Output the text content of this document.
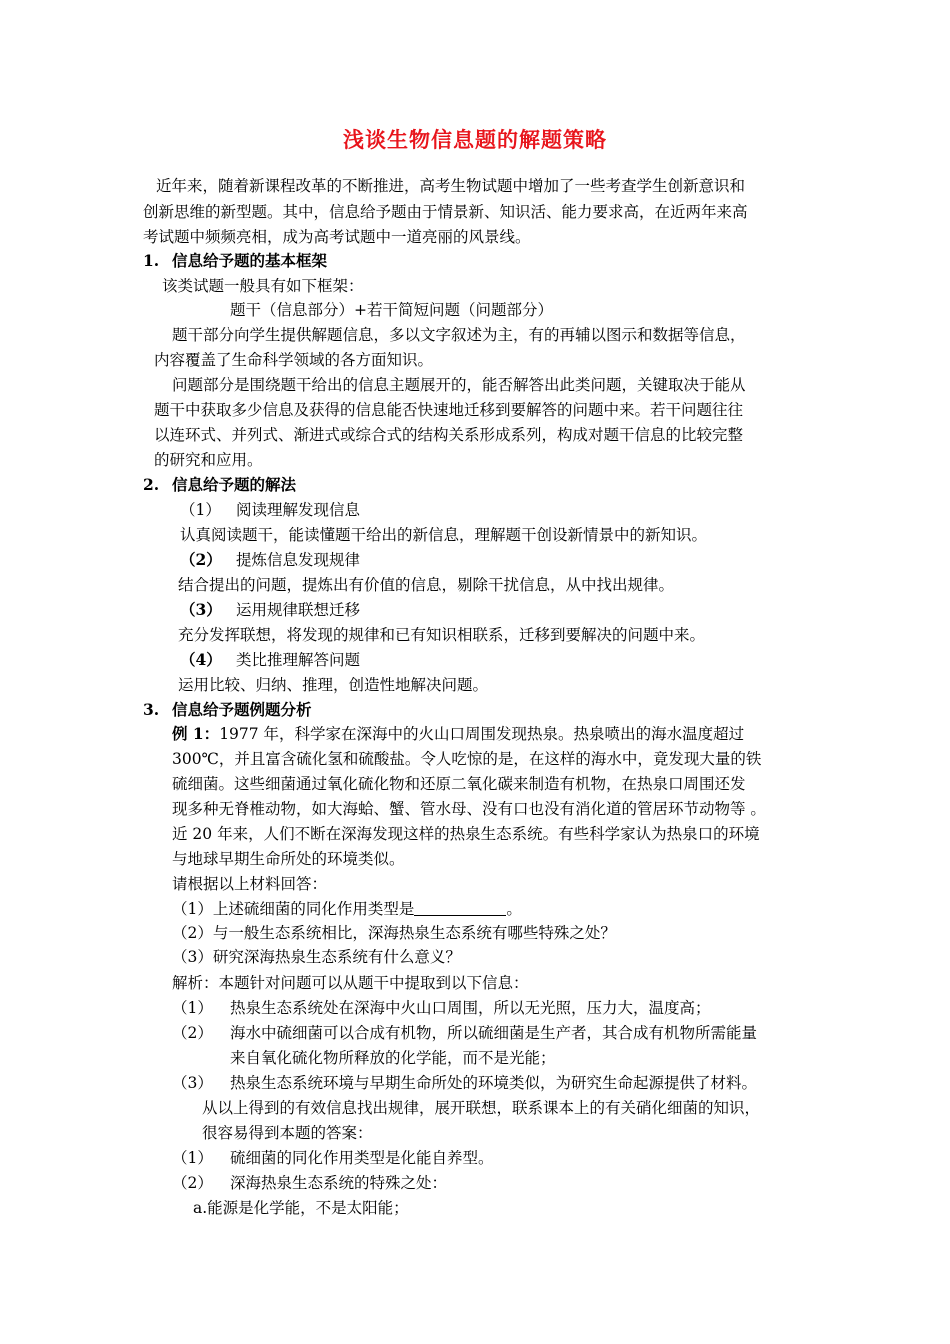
浅谈生物信息题的解题策略
近年来，随着新课程改革的不断推进，高考生物试题中增加了一些考查学生创新意识和
创新思维的新型题。其中，信息给予题由于情景新、知识活、能力要求高，在近两年来高
考试题中频频亮相，成为高考试题中一道亮丽的风景线。
1. 信息给予题的基本框架
该类试题一般具有如下框架：
题干（信息部分）+若干简短问题（问题部分）
题干部分向学生提供解题信息，多以文字叙述为主，有的再辅以图示和数据等信息，
内容覆盖了生命科学领域的各方面知识。
问题部分是围绕题干给出的信息主题展开的，能否解答出此类问题，关键取决于能从
题干中获取多少信息及获得的信息能否快速地迁移到要解答的问题中来。若干问题往往
以连环式、并列式、渐进式或综合式的结构关系形成系列，构成对题干信息的比较完整
的研究和应用。
2. 信息给予题的解法
（1） 阅读理解发现信息
认真阅读题干，能读懂题干给出的新信息，理解题干创设新情景中的新知识。
（2） 提炼信息发现规律
结合提出的问题，提炼出有价值的信息，剔除干扰信息，从中找出规律。
（3） 运用规律联想迁移
充分发挥联想，将发现的规律和已有知识相联系，迁移到要解决的问题中来。
（4） 类比推理解答问题
运用比较、归纳、推理，创造性地解决问题。
3. 信息给予题例题分析
例 1：1977 年，科学家在深海中的火山口周围发现热泉。热泉喷出的海水温度超过
300℃，并且富含硫化氢和硫酸盐。令人吃惊的是，在这样的海水中，竟发现大量的铁
硫细菌。这些细菌通过氧化硫化物和还原二氧化碳来制造有机物，在热泉口周围还发
现多种无脊椎动物，如大海蛤、蟹、管水母、没有口也没有消化道的管居环节动物等 。
近 20 年来，人们不断在深海发现这样的热泉生态系统。有些科学家认为热泉口的环境
与地球早期生命所处的环境类似。
请根据以上材料回答：
（1）上述硫细菌的同化作用类型是	。
（2）与一般生态系统相比，深海热泉生态系统有哪些特殊之处？
（3）研究深海热泉生态系统有什么意义？
解析：本题针对问题可以从题干中提取到以下信息：
（1） 热泉生态系统处在深海中火山口周围，所以无光照，压力大，温度高；
（2） 海水中硫细菌可以合成有机物，所以硫细菌是生产者，其合成有机物所需能量
来自氧化硫化物所释放的化学能，而不是光能；
（3） 热泉生态系统环境与早期生命所处的环境类似，为研究生命起源提供了材料。
从以上得到的有效信息找出规律，展开联想，联系课本上的有关硝化细菌的知识，
很容易得到本题的答案：
（1） 硫细菌的同化作用类型是化能自养型。
（2） 深海热泉生态系统的特殊之处：
a.能源是化学能，不是太阳能；
